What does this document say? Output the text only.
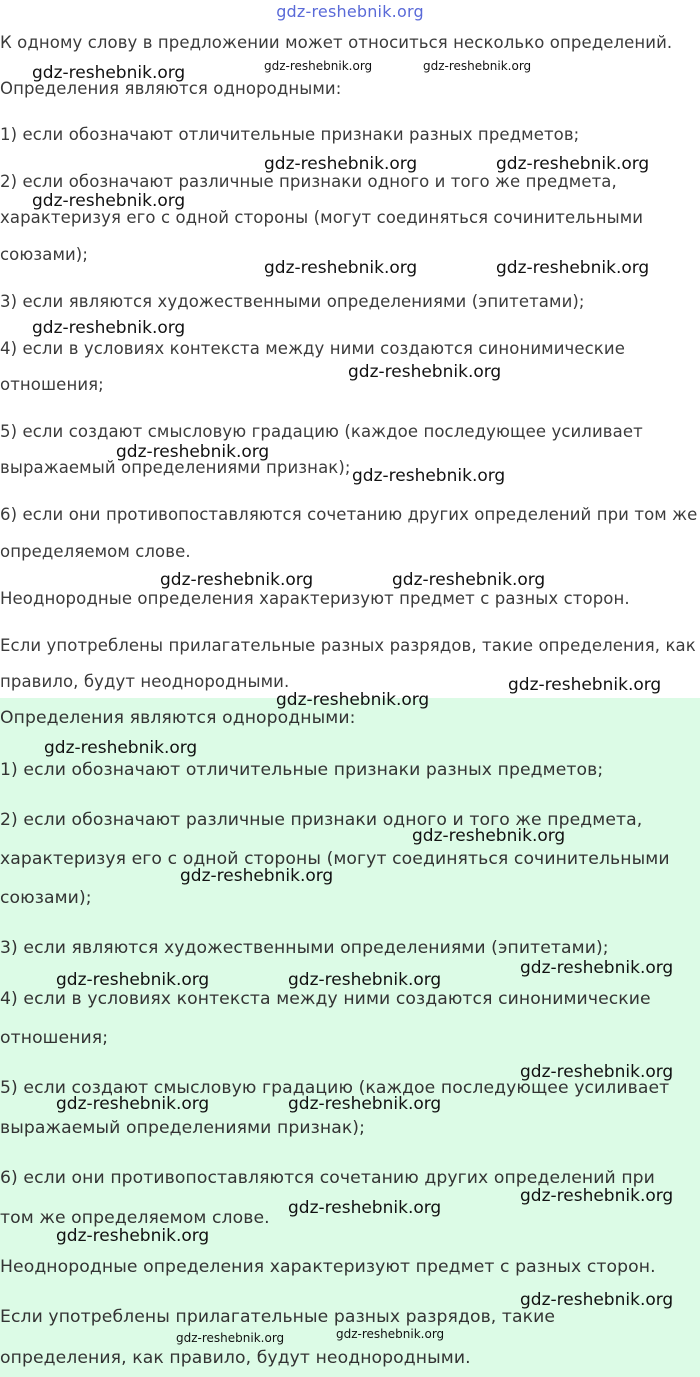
gdz-reshebnik.org
К одному слову в предложении может относиться несколько определений.
Определения являются однородными:
1) если обозначают отличительные признаки разных предметов;
2) если обозначают различные признаки одного и того же предмета,
характеризуя его с одной стороны (могут соединяться сочинительными
союзами);
3) если являются художественными определениями (эпитетами);
4) если в условиях контекста между ними создаются синонимические
отношения;
5) если создают смысловую градацию (каждое последующее усиливает
выражаемый определениями признак);
6) если они противопоставляются сочетанию других определений при том же
определяемом слове.
Неоднородные определения характеризуют предмет с разных сторон.
Если употреблены прилагательные разных разрядов, такие определения, как
правило, будут неоднородными.
Определения являются однородными:
1) если обозначают отличительные признаки разных предметов;
2) если обозначают различные признаки одного и того же предмета,
характеризуя его с одной стороны (могут соединяться сочинительными
союзами);
3) если являются художественными определениями (эпитетами);
4) если в условиях контекста между ними создаются синонимические
отношения;
5) если создают смысловую градацию (каждое последующее усиливает
выражаемый определениями признак);
6) если они противопоставляются сочетанию других определений при
том же определяемом слове.
Неоднородные определения характеризуют предмет с разных сторон.
Если употреблены прилагательные разных разрядов, такие
определения, как правило, будут неоднородными.
gdz-reshebnik.org	gdz-reshebnik.org	gdz-reshebnik.org
gdz-reshebnik.org	gdz-reshebnik.org
gdz-reshebnik.org
gdz-reshebnik.org	gdz-reshebnik.org
gdz-reshebnik.org
gdz-reshebnik.org
gdz-reshebnik.org
gdz-reshebnik.org
gdz-reshebnik.org	gdz-reshebnik.org
gdz-reshebnik.org
gdz-reshebnik.org
gdz-reshebnik.org
gdz-reshebnik.org
gdz-reshebnik.org
gdz-reshebnik.org
gdz-reshebnik.org	gdz-reshebnik.org
gdz-reshebnik.org
gdz-reshebnik.org	gdz-reshebnik.org
gdz-reshebnik.org
gdz-reshebnik.org
gdz-reshebnik.org
gdz-reshebnik.org
gdz-reshebnik.org	gdz-reshebnik.org
